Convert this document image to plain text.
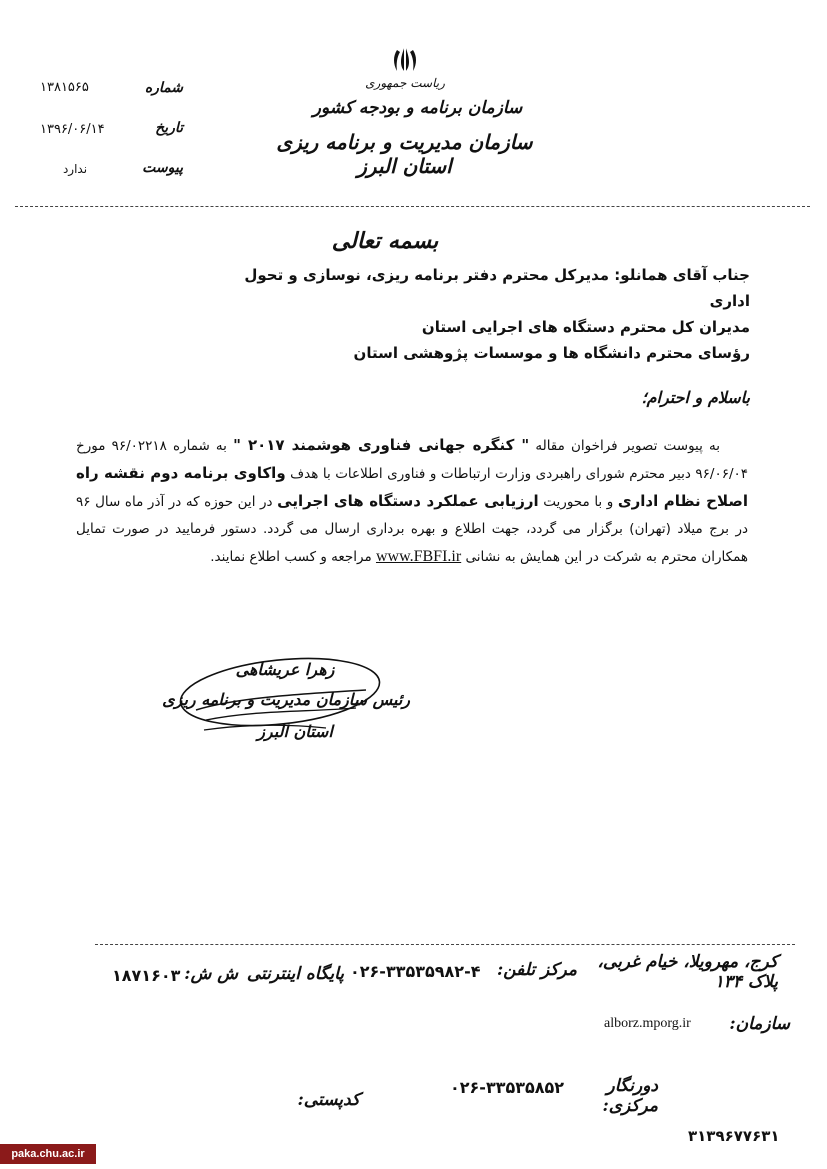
ریاست جمهوری
سازمان برنامه و بودجه کشور
سازمان مدیریت و برنامه ریزی استان البرز
شماره
۱۳۸۱۵۶۵
تاریخ
۱۳۹۶/۰۶/۱۴
پیوست
ندارد
بسمه تعالی
جناب آقای همانلو: مدیرکل محترم دفتر برنامه ریزی، نوسازی و تحول اداری
مدیران کل محترم دستگاه های اجرایی استان
رؤسای محترم دانشگاه ها و موسسات پژوهشی استان
باسلام و احترام؛
به پیوست تصویر فراخوان مقاله " کنگره جهانی فناوری هوشمند ۲۰۱۷ " به شماره ۹۶/۰۲۲۱۸ مورخ ۹۶/۰۶/۰۴ دبیر محترم شورای راهبردی وزارت ارتباطات و فناوری اطلاعات با هدف واکاوی برنامه دوم نقشه راه اصلاح نظام اداری و با محوریت ارزیابی عملکرد دستگاه های اجرایی در این حوزه که در آذر ماه سال ۹۶ در برج میلاد (تهران) برگزار می گردد، جهت اطلاع و بهره برداری ارسال می گردد. دستور فرمایید در صورت تمایل همکاران محترم به شرکت در این همایش به نشانی www.FBFI.ir مراجعه و کسب اطلاع نمایند.
زهرا عریشاهی
رئیس سازمان مدیریت و برنامه ریزی
استان البرز
کرج، مهرویلا، خیام غربی، پلاک ۱۳۴
مرکز تلفن:
۰۲۶-۳۳۵۳۵۹۸۲-۴
پایگاه اینترنتی
ش ش:
۱۸۷۱۶۰۳
سازمان:
alborz.mporg.ir
دورنگار مرکزی:
۰۲۶-۳۳۵۳۵۸۵۲
کدپستی:
۳۱۳۹۶۷۷۶۳۱
paka.chu.ac.ir
